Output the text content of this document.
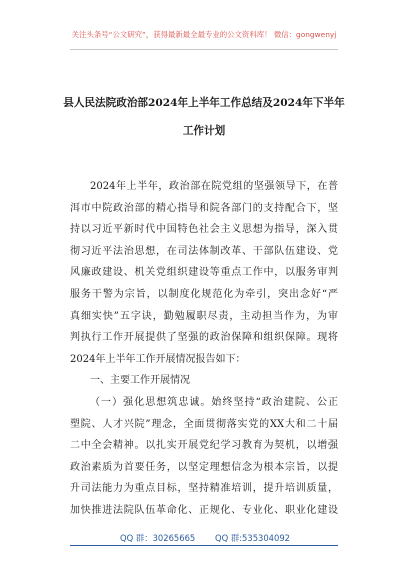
关注头条号“公文研究”，获得最新最全最专业的公文资料库！ 微信：gongwenyj
县人民法院政治部2024年上半年工作总结及2024年下半年
工作计划
2024年上半年，政治部在院党组的坚强领导下，在普
洱市中院政治部的精心指导和院各部门的支持配合下，坚
持以习近平新时代中国特色社会主义思想为指导，深入贯
彻习近平法治思想，在司法体制改革、干部队伍建设、党
风廉政建设、机关党组织建设等重点工作中，以服务审判
服务干警为宗旨，以制度化规范化为牵引，突出念好“严
真细实快”五字诀，勤勉履职尽责，主动担当作为，为审
判执行工作开展提供了坚强的政治保障和组织保障。现将
2024年上半年工作开展情况报告如下：
一、主要工作开展情况
（一）强化思想筑忠诚。始终坚持“政治建院、公正
塑院、人才兴院”理念，全面贯彻落实党的XX大和二十届
二中全会精神。以扎实开展党纪学习教育为契机，以增强
政治素质为首要任务，以坚定理想信念为根本宗旨，以提
升司法能力为重点目标，坚持精准培训，提升培训质量，
加快推进法院队伍革命化、正规化、专业化、职业化建设
QQ 群：30265665 QQ 群:535304092
